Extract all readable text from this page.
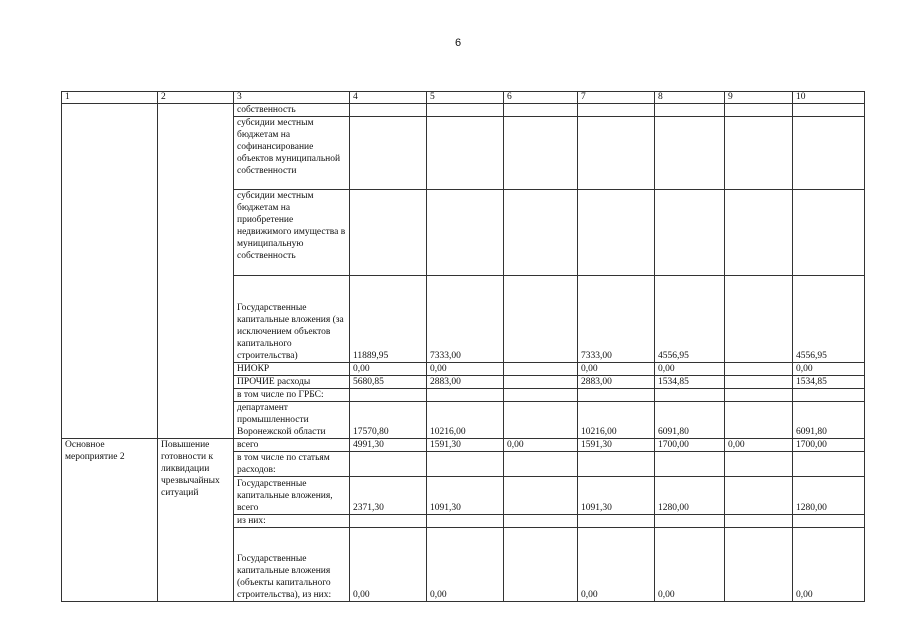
6
1	2	3	4	5	6	7	8	9	10
		собственность							
		субсидии местным бюджетам на софинансирование объектов муниципальной собственности							
		субсидии местным бюджетам на приобретение недвижимого имущества в муниципальную собственность							
		Государственные капитальные вложения (за исключением объектов капитального строительства)	11889,95	7333,00		7333,00	4556,95		4556,95
		НИОКР	0,00	0,00		0,00	0,00		0,00
		ПРОЧИЕ расходы	5680,85	2883,00		2883,00	1534,85		1534,85
		в том числе по ГРБС:							
		департамент промышленности Воронежской области	17570,80	10216,00		10216,00	6091,80		6091,80
Основное мероприятие 2	Повышение готовности к ликвидации чрезвычайных ситуаций	всего	4991,30	1591,30	0,00	1591,30	1700,00	0,00	1700,00
		в том числе по статьям расходов:							
		Государственные капитальные вложения, всего	2371,30	1091,30		1091,30	1280,00		1280,00
		из них:							
		Государственные капитальные вложения (объекты капитального строительства), из них:	0,00	0,00		0,00	0,00		0,00
